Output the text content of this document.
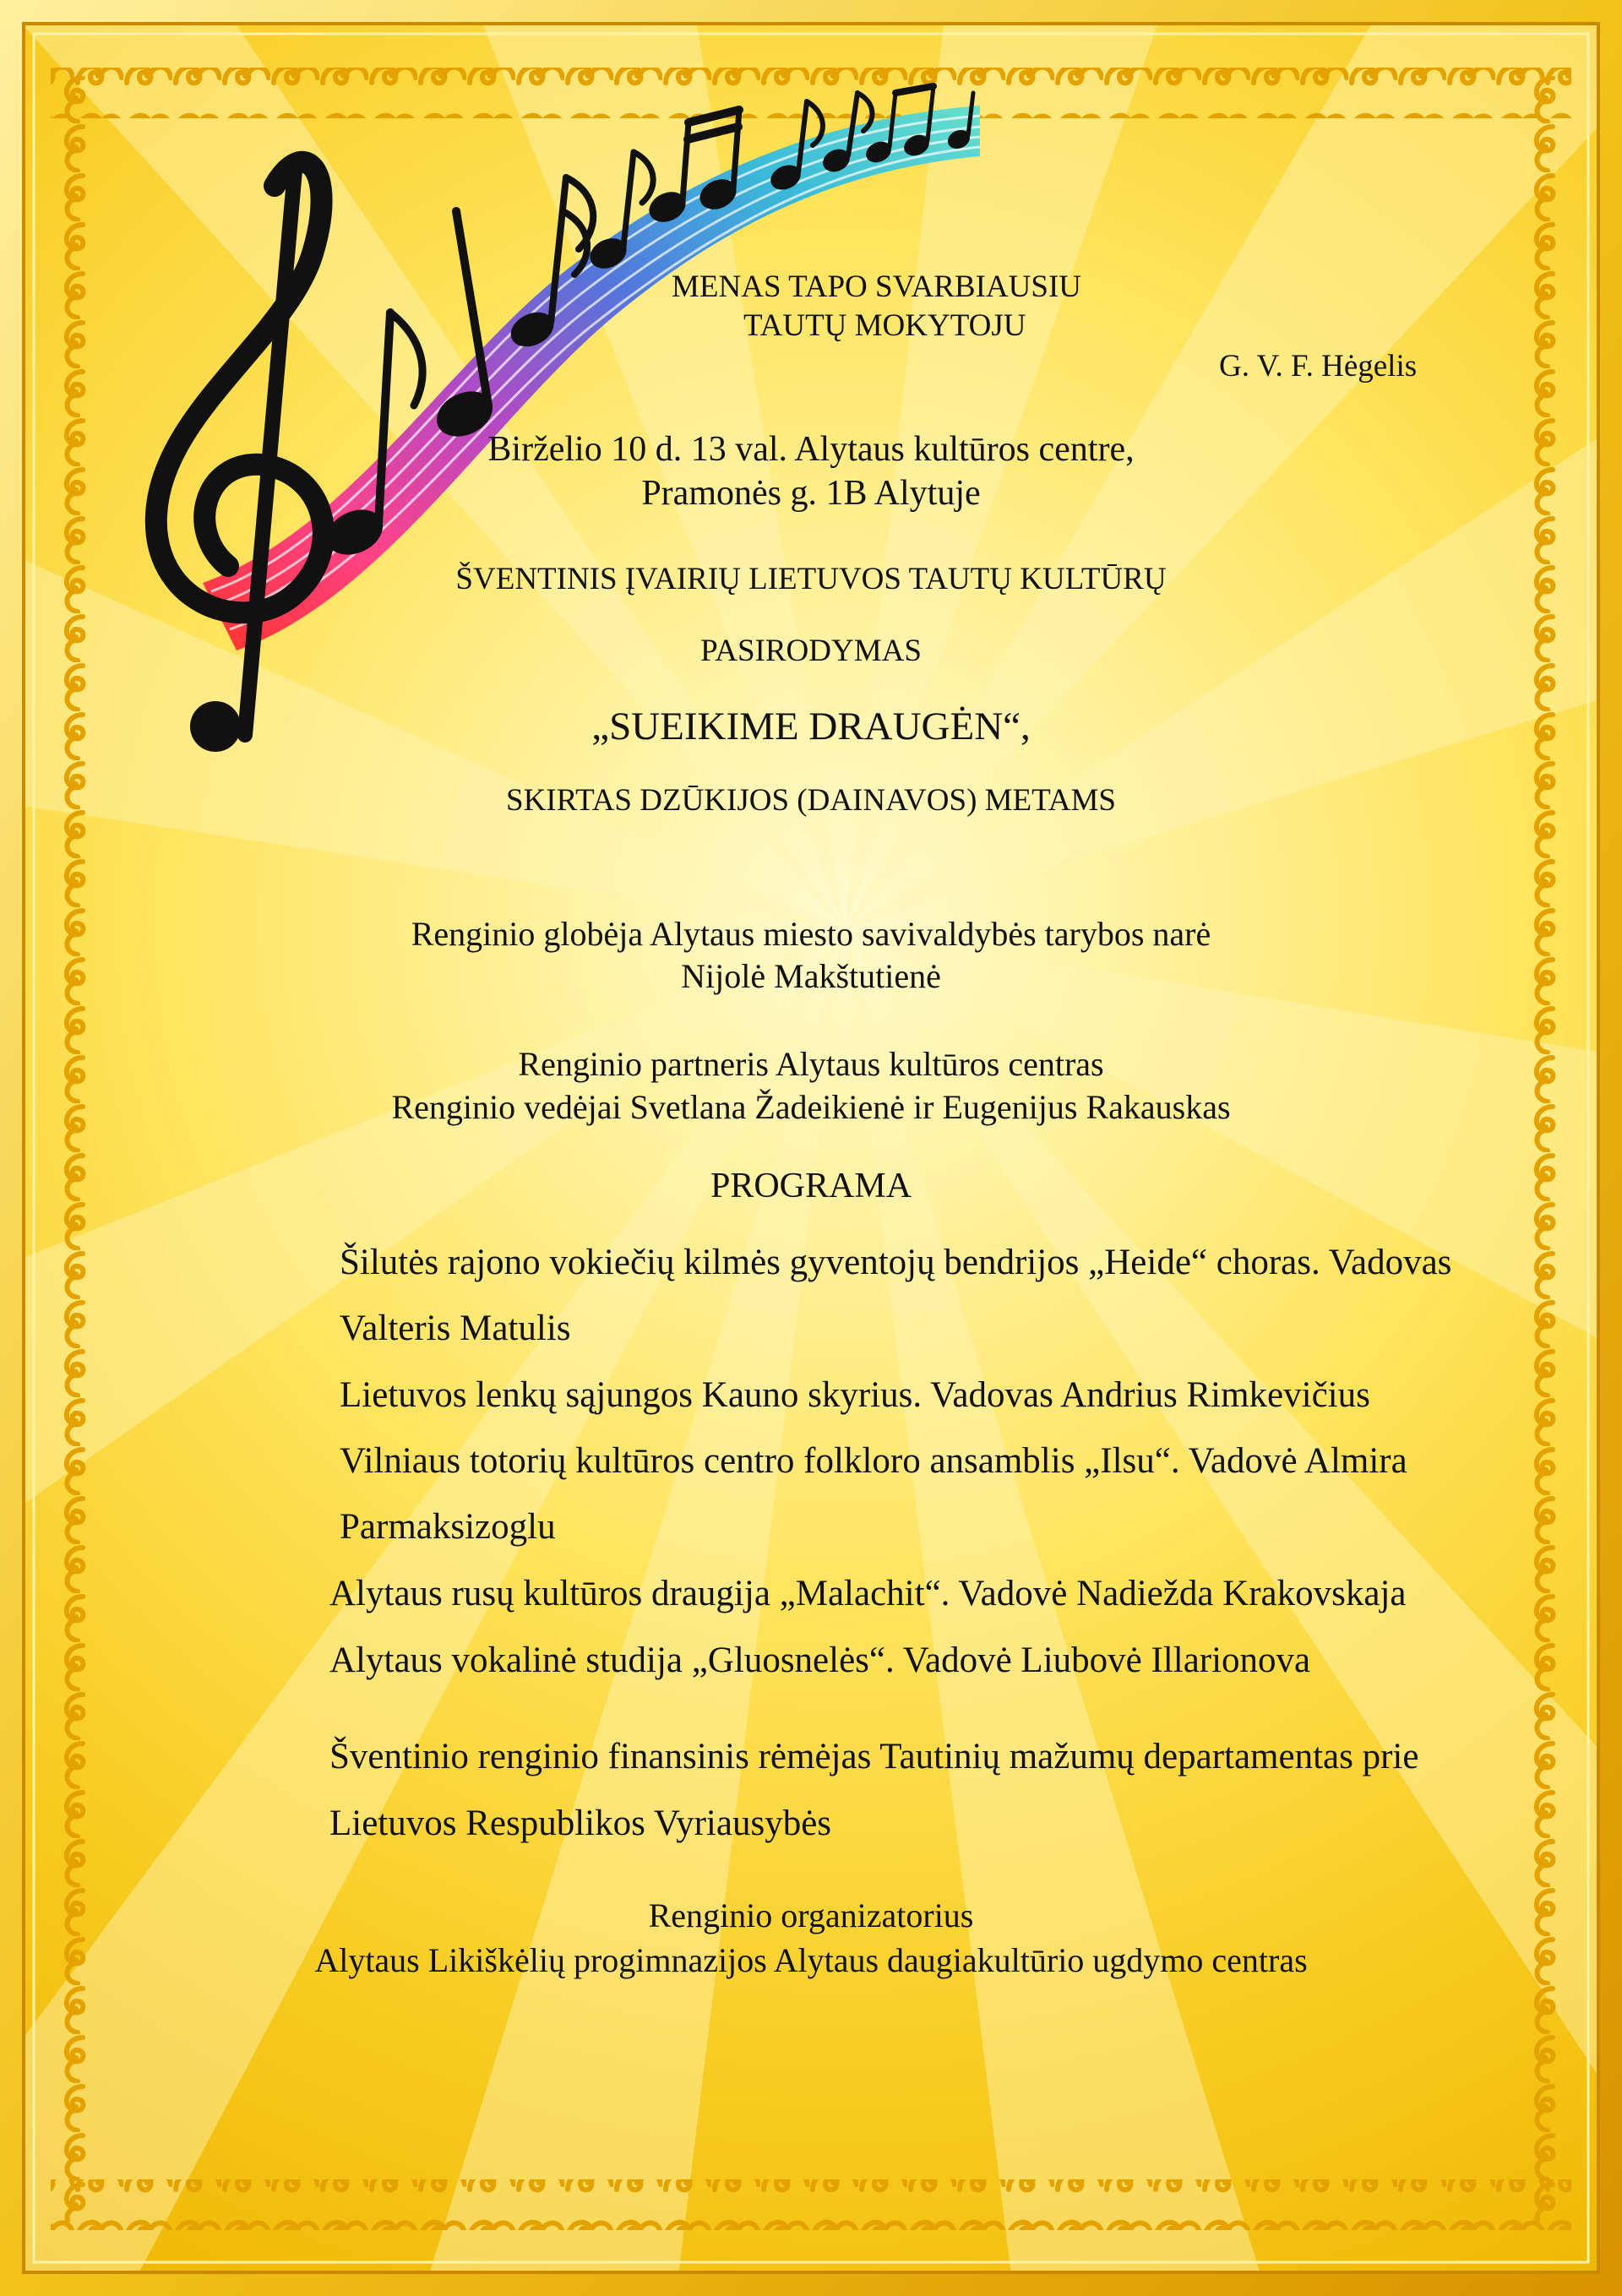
MENAS TAPO SVARBIAUSIU
TAUTŲ MOKYTOJU
G. V. F. Hėgelis
Birželio 10 d. 13 val. Alytaus kultūros centre,
Pramonės g. 1B Alytuje
ŠVENTINIS ĮVAIRIŲ LIETUVOS TAUTŲ KULTŪRŲ
PASIRODYMAS
„SUEIKIME DRAUGĖN“,
SKIRTAS DZŪKIJOS (DAINAVOS) METAMS
Renginio globėja Alytaus miesto savivaldybės tarybos narė
Nijolė Makštutienė
Renginio partneris Alytaus kultūros centras
Renginio vedėjai Svetlana Žadeikienė ir Eugenijus Rakauskas
PROGRAMA
Šilutės rajono vokiečių kilmės gyventojų bendrijos „Heide“ choras. Vadovas
Valteris Matulis
Lietuvos lenkų sąjungos Kauno skyrius. Vadovas Andrius Rimkevičius
Vilniaus totorių kultūros centro folkloro ansamblis „Ilsu“. Vadovė Almira
Parmaksizoglu
Alytaus rusų kultūros draugija „Malachit“. Vadovė Nadiežda Krakovskaja
Alytaus vokalinė studija „Gluosnelės“. Vadovė Liubovė Illarionova
Šventinio renginio finansinis rėmėjas Tautinių mažumų departamentas prie
Lietuvos Respublikos Vyriausybės
Renginio organizatorius
Alytaus Likiškėlių progimnazijos Alytaus daugiakultūrio ugdymo centras
